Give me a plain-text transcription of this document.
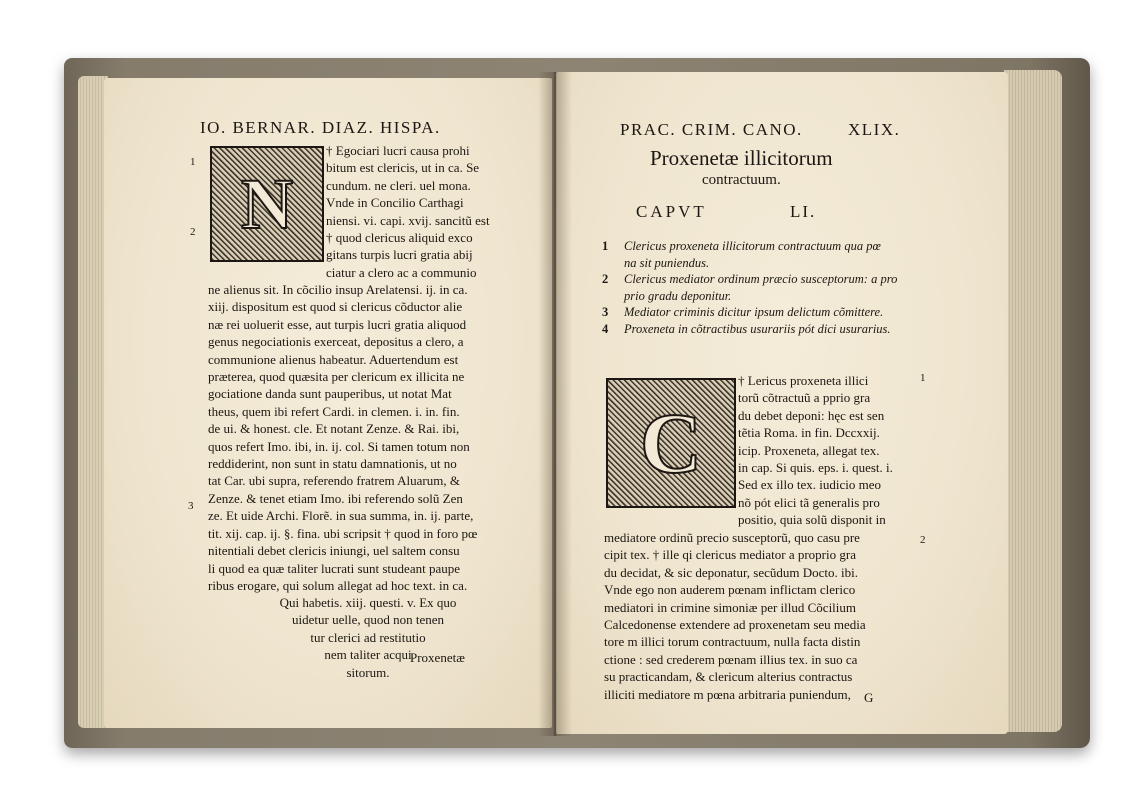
IO. BERNAR. DIAZ. HISPA.
N
1
2
3
† Egociari lucri causa prohi
bitum est clericis, ut in ca. Se
cundum. ne cleri. uel mona.
Vnde in Concilio Carthagi
niensi. vi. capi. xvij. sancitũ est
† quod clericus aliquid exco
gitans turpis lucri gratia abij
ciatur a clero ac a communio
ne alienus sit. In cõcilio insup Arelatensi. ij. in ca.
xiij. dispositum est quod si clericus cõductor alie
næ rei uoluerit esse, aut turpis lucri gratia aliquod
genus negociationis exerceat, depositus a clero, a
communione alienus habeatur. Aduertendum est
præterea, quod quæsita per clericum ex illicita ne
gociatione danda sunt pauperibus, ut notat Mat
theus, quem ibi refert Cardi. in clemen. i. in. fin.
de ui. & honest. cle. Et notant Zenze. & Rai. ibi,
quos refert Imo. ibi, in. ij. col. Si tamen totum non
reddiderint, non sunt in statu damnationis, ut no
tat Car. ubi supra, referendo fratrem Aluarum, &
Zenze. & tenet etiam Imo. ibi referendo solũ Zen
ze. Et uide Archi. Florẽ. in sua summa, in. ij. parte,
tit. xij. cap. ij. §. fina. ubi scripsit † quod in foro pœ
nitentiali debet clericis iniungi, uel saltem consu
li quod ea quæ taliter lucrati sunt studeant paupe
ribus erogare, qui solum allegat ad hoc text. in ca.
Qui habetis. xiij. questi. v. Ex quo
uidetur uelle, quod non tenen
tur clerici ad restitutio
nem taliter acqui
sitorum.
Proxenetæ
PRAC. CRIM. CANO.	XLIX.
Proxenetæ illicitorum
contractuum.
CAPVT	LI.
1 Clericus proxeneta illicitorum contractuum qua pœ
na sit puniendus.
2 Clericus mediator ordinum præcio susceptorum: a pro
prio gradu deponitur.
3 Mediator criminis dicitur ipsum delictum cõmittere.
4 Proxeneta in cõtractibus usurariis pót dici usurarius.
C
1
2
† Lericus proxeneta illici
torũ cõtractuũ a pprio gra
du debet deponi: hęc est sen
tẽtia Roma. in fin. Dccxxij.
icip. Proxeneta, allegat tex.
in cap. Si quis. eps. i. quest. i.
Sed ex illo tex. iudicio meo
nõ pót elici tã generalis pro
positio, quia solũ disponit in
mediatore ordinũ precio susceptorũ, quo casu pre
cipit tex. † ille qi clericus mediator a proprio gra
du decidat, & sic deponatur, secũdum Docto. ibi.
Vnde ego non auderem pœnam inflictam clerico
mediatori in crimine simoniæ per illud Cõcilium
Calcedonense extendere ad proxenetam seu media
tore m illici torum contractuum, nulla facta distin
ctione : sed crederem pœnam illius tex. in suo ca
su practicandam, & clericum alterius contractus
illiciti mediatore m pœna arbitraria puniendum,	G
